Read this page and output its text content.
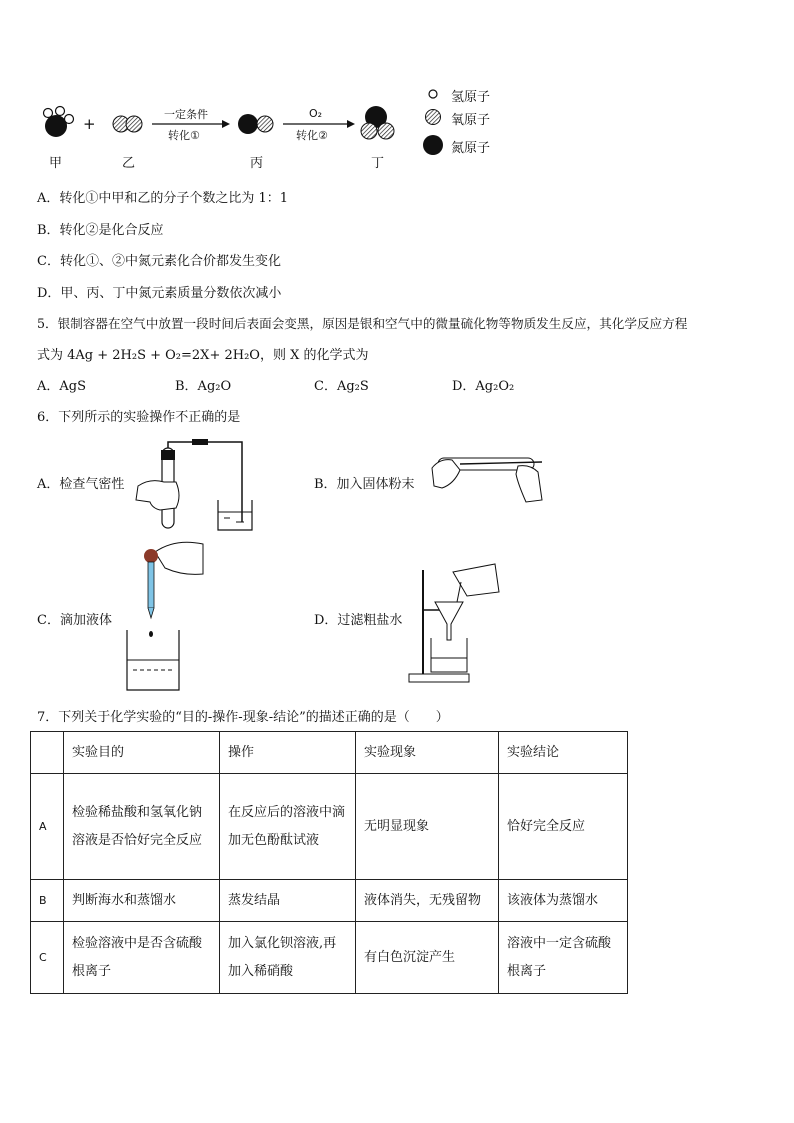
+
一定条件
转化①
O₂
转化②
甲	乙	丙	丁
氢原子
氧原子
氮原子
A．转化①中甲和乙的分子个数之比为 1：1
B．转化②是化合反应
C．转化①、②中氮元素化合价都发生变化
D．甲、丙、丁中氮元素质量分数依次减小
5．银制容器在空气中放置一段时间后表面会变黑，原因是银和空气中的微量硫化物等物质发生反应，其化学反应方程
式为 4Ag + 2H₂S + O₂=2X+ 2H₂O，则 X 的化学式为
A．AgS	B．Ag₂O	C．Ag₂S	D．Ag₂O₂
6．下列所示的实验操作不正确的是
A．检查气密性	B．加入固体粉末
C．滴加液体	D．过滤粗盐水
7．下列关于化学实验的“目的-操作-现象-结论”的描述正确的是（　　）
	实验目的	操作	实验现象	实验结论
A	检验稀盐酸和氢氧化钠溶液是否恰好完全反应	在反应后的溶液中滴加无色酚酞试液	无明显现象	恰好完全反应
B	判断海水和蒸馏水	蒸发结晶	液体消失，无残留物	该液体为蒸馏水
C	检验溶液中是否含硫酸根离子	加入氯化钡溶液,再加入稀硝酸	有白色沉淀产生	溶液中一定含硫酸根离子
